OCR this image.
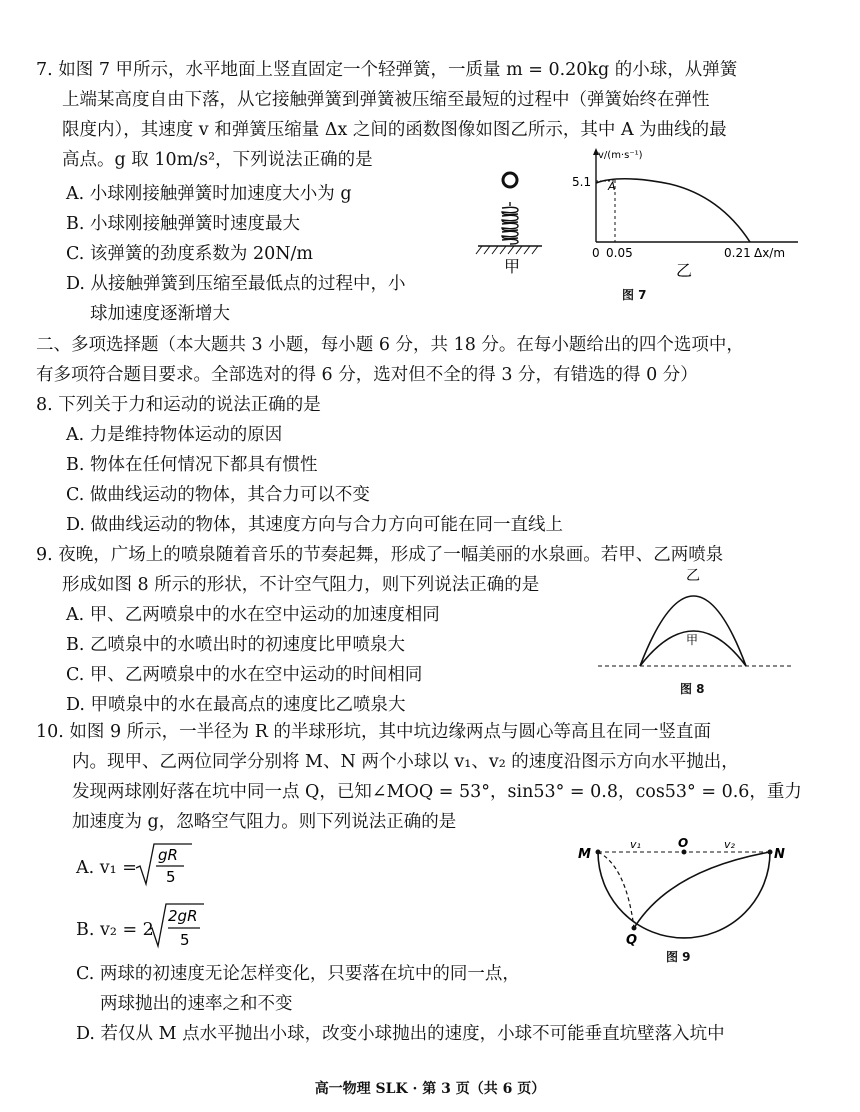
7. 如图 7 甲所示，水平地面上竖直固定一个轻弹簧，一质量 m = 0.20kg 的小球，从弹簧
上端某高度自由下落，从它接触弹簧到弹簧被压缩至最短的过程中（弹簧始终在弹性
限度内），其速度 v 和弹簧压缩量 Δx 之间的函数图像如图乙所示，其中 A 为曲线的最
高点。g 取 10m/s²，下列说法正确的是
A. 小球刚接触弹簧时加速度大小为 g
B. 小球刚接触弹簧时速度最大
C. 该弹簧的劲度系数为 20N/m
D. 从接触弹簧到压缩至最低点的过程中，小
球加速度逐渐增大
甲
v/(m·s⁻¹)
5.1 A
0 0.05	0.21 Δx/m
乙
图 7
二、多项选择题（本大题共 3 小题，每小题 6 分，共 18 分。在每小题给出的四个选项中，
有多项符合题目要求。全部选对的得 6 分，选对但不全的得 3 分，有错选的得 0 分）
8. 下列关于力和运动的说法正确的是
A. 力是维持物体运动的原因
B. 物体在任何情况下都具有惯性
C. 做曲线运动的物体，其合力可以不变
D. 做曲线运动的物体，其速度方向与合力方向可能在同一直线上
9. 夜晚，广场上的喷泉随着音乐的节奏起舞，形成了一幅美丽的水泉画。若甲、乙两喷泉
形成如图 8 所示的形状，不计空气阻力，则下列说法正确的是
A. 甲、乙两喷泉中的水在空中运动的加速度相同
B. 乙喷泉中的水喷出时的初速度比甲喷泉大
C. 甲、乙两喷泉中的水在空中运动的时间相同
D. 甲喷泉中的水在最高点的速度比乙喷泉大
乙
甲
图 8
10. 如图 9 所示，一半径为 R 的半球形坑，其中坑边缘两点与圆心等高且在同一竖直面
内。现甲、乙两位同学分别将 M、N 两个小球以 v₁、v₂ 的速度沿图示方向水平抛出，
发现两球刚好落在坑中同一点 Q，已知∠MOQ = 53°，sin53° = 0.8，cos53° = 0.6，重力
加速度为 g，忽略空气阻力。则下列说法正确的是
A. v₁ =
gR
5
B. v₂ = 2
2gR
5
C. 两球的初速度无论怎样变化，只要落在坑中的同一点，
两球抛出的速率之和不变
D. 若仅从 M 点水平抛出小球，改变小球抛出的速度，小球不可能垂直坑壁落入坑中
M
O
N
Q
v₁	v₂
图 9
高一物理 SLK · 第 3 页（共 6 页）
